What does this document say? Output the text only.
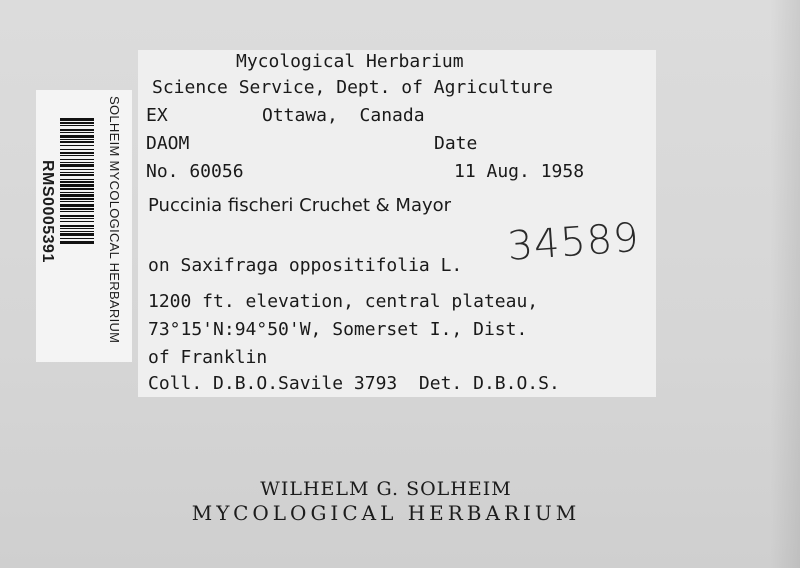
RMS0005391	SOLHEIM MYCOLOGICAL HERBARIUM
Mycological Herbarium
Science Service, Dept. of Agriculture
EX	Ottawa,  Canada
DAOM	Date
No. 60056	11 Aug. 1958
Puccinia fischeri Cruchet & Mayor
on Saxifraga oppositifolia L. 34589
1200 ft. elevation, central plateau,
73°15'N:94°50'W, Somerset I., Dist.
of Franklin
Coll. D.B.O.Savile 3793  Det. D.B.O.S.
WILHELM G. SOLHEIM
MYCOLOGICAL HERBARIUM
